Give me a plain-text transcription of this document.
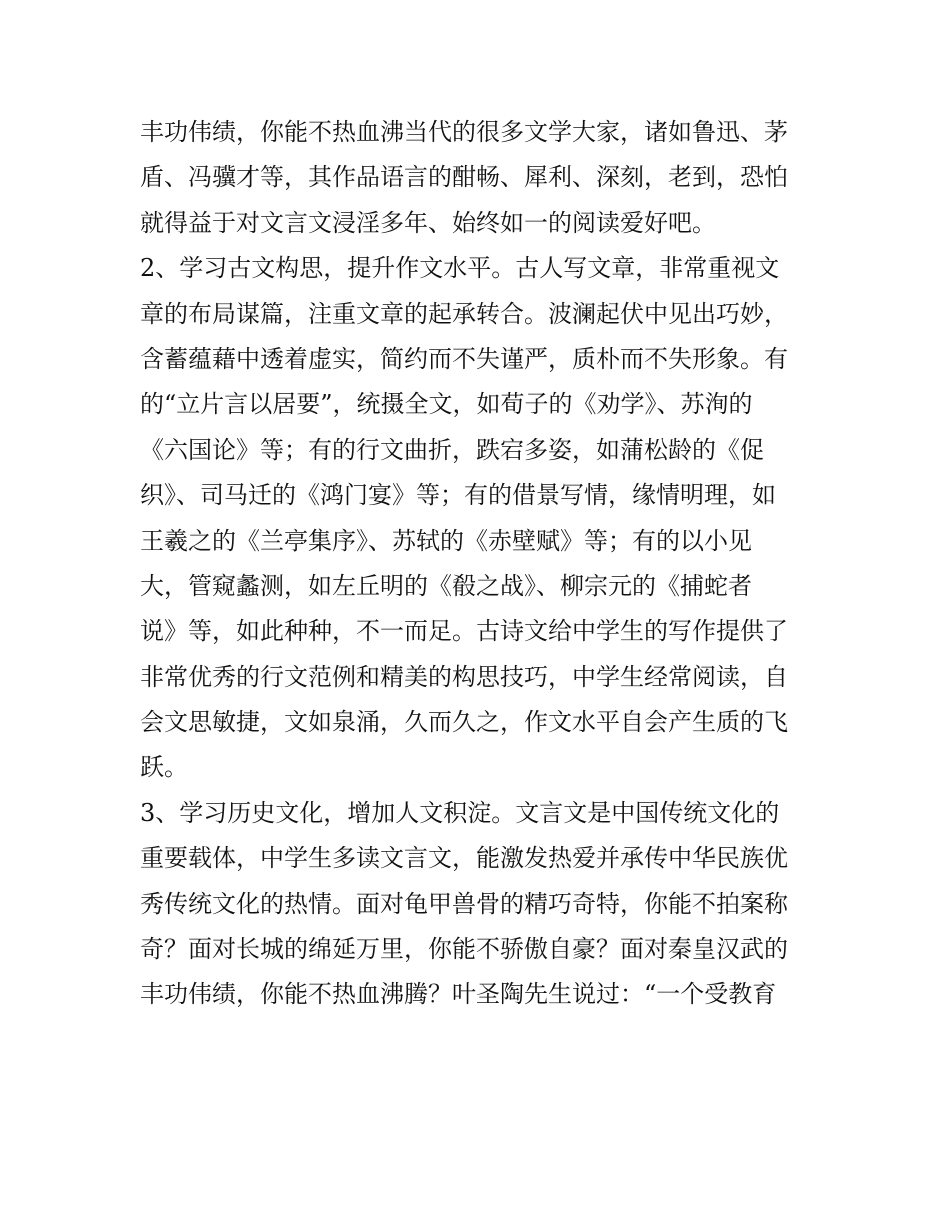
丰功伟绩，你能不热血沸当代的很多文学大家，诸如鲁迅、茅
盾、冯骥才等，其作品语言的酣畅、犀利、深刻，老到，恐怕
就得益于对文言文浸淫多年、始终如一的阅读爱好吧。
2、学习古文构思，提升作文水平。古人写文章，非常重视文
章的布局谋篇，注重文章的起承转合。波澜起伏中见出巧妙，
含蓄蕴藉中透着虚实，简约而不失谨严，质朴而不失形象。有
的“立片言以居要”，统摄全文，如荀子的《劝学》、苏洵的
《六国论》等；有的行文曲折，跌宕多姿，如蒲松龄的《促
织》、司马迁的《鸿门宴》等；有的借景写情，缘情明理，如
王羲之的《兰亭集序》、苏轼的《赤壁赋》等；有的以小见
大，管窥蠡测，如左丘明的《殽之战》、柳宗元的《捕蛇者
说》等，如此种种，不一而足。古诗文给中学生的写作提供了
非常优秀的行文范例和精美的构思技巧，中学生经常阅读，自
会文思敏捷，文如泉涌，久而久之，作文水平自会产生质的飞
跃。
3、学习历史文化，增加人文积淀。文言文是中国传统文化的
重要载体，中学生多读文言文，能激发热爱并承传中华民族优
秀传统文化的热情。面对龟甲兽骨的精巧奇特，你能不拍案称
奇？面对长城的绵延万里，你能不骄傲自豪？面对秦皇汉武的
丰功伟绩，你能不热血沸腾？叶圣陶先生说过：“一个受教育
